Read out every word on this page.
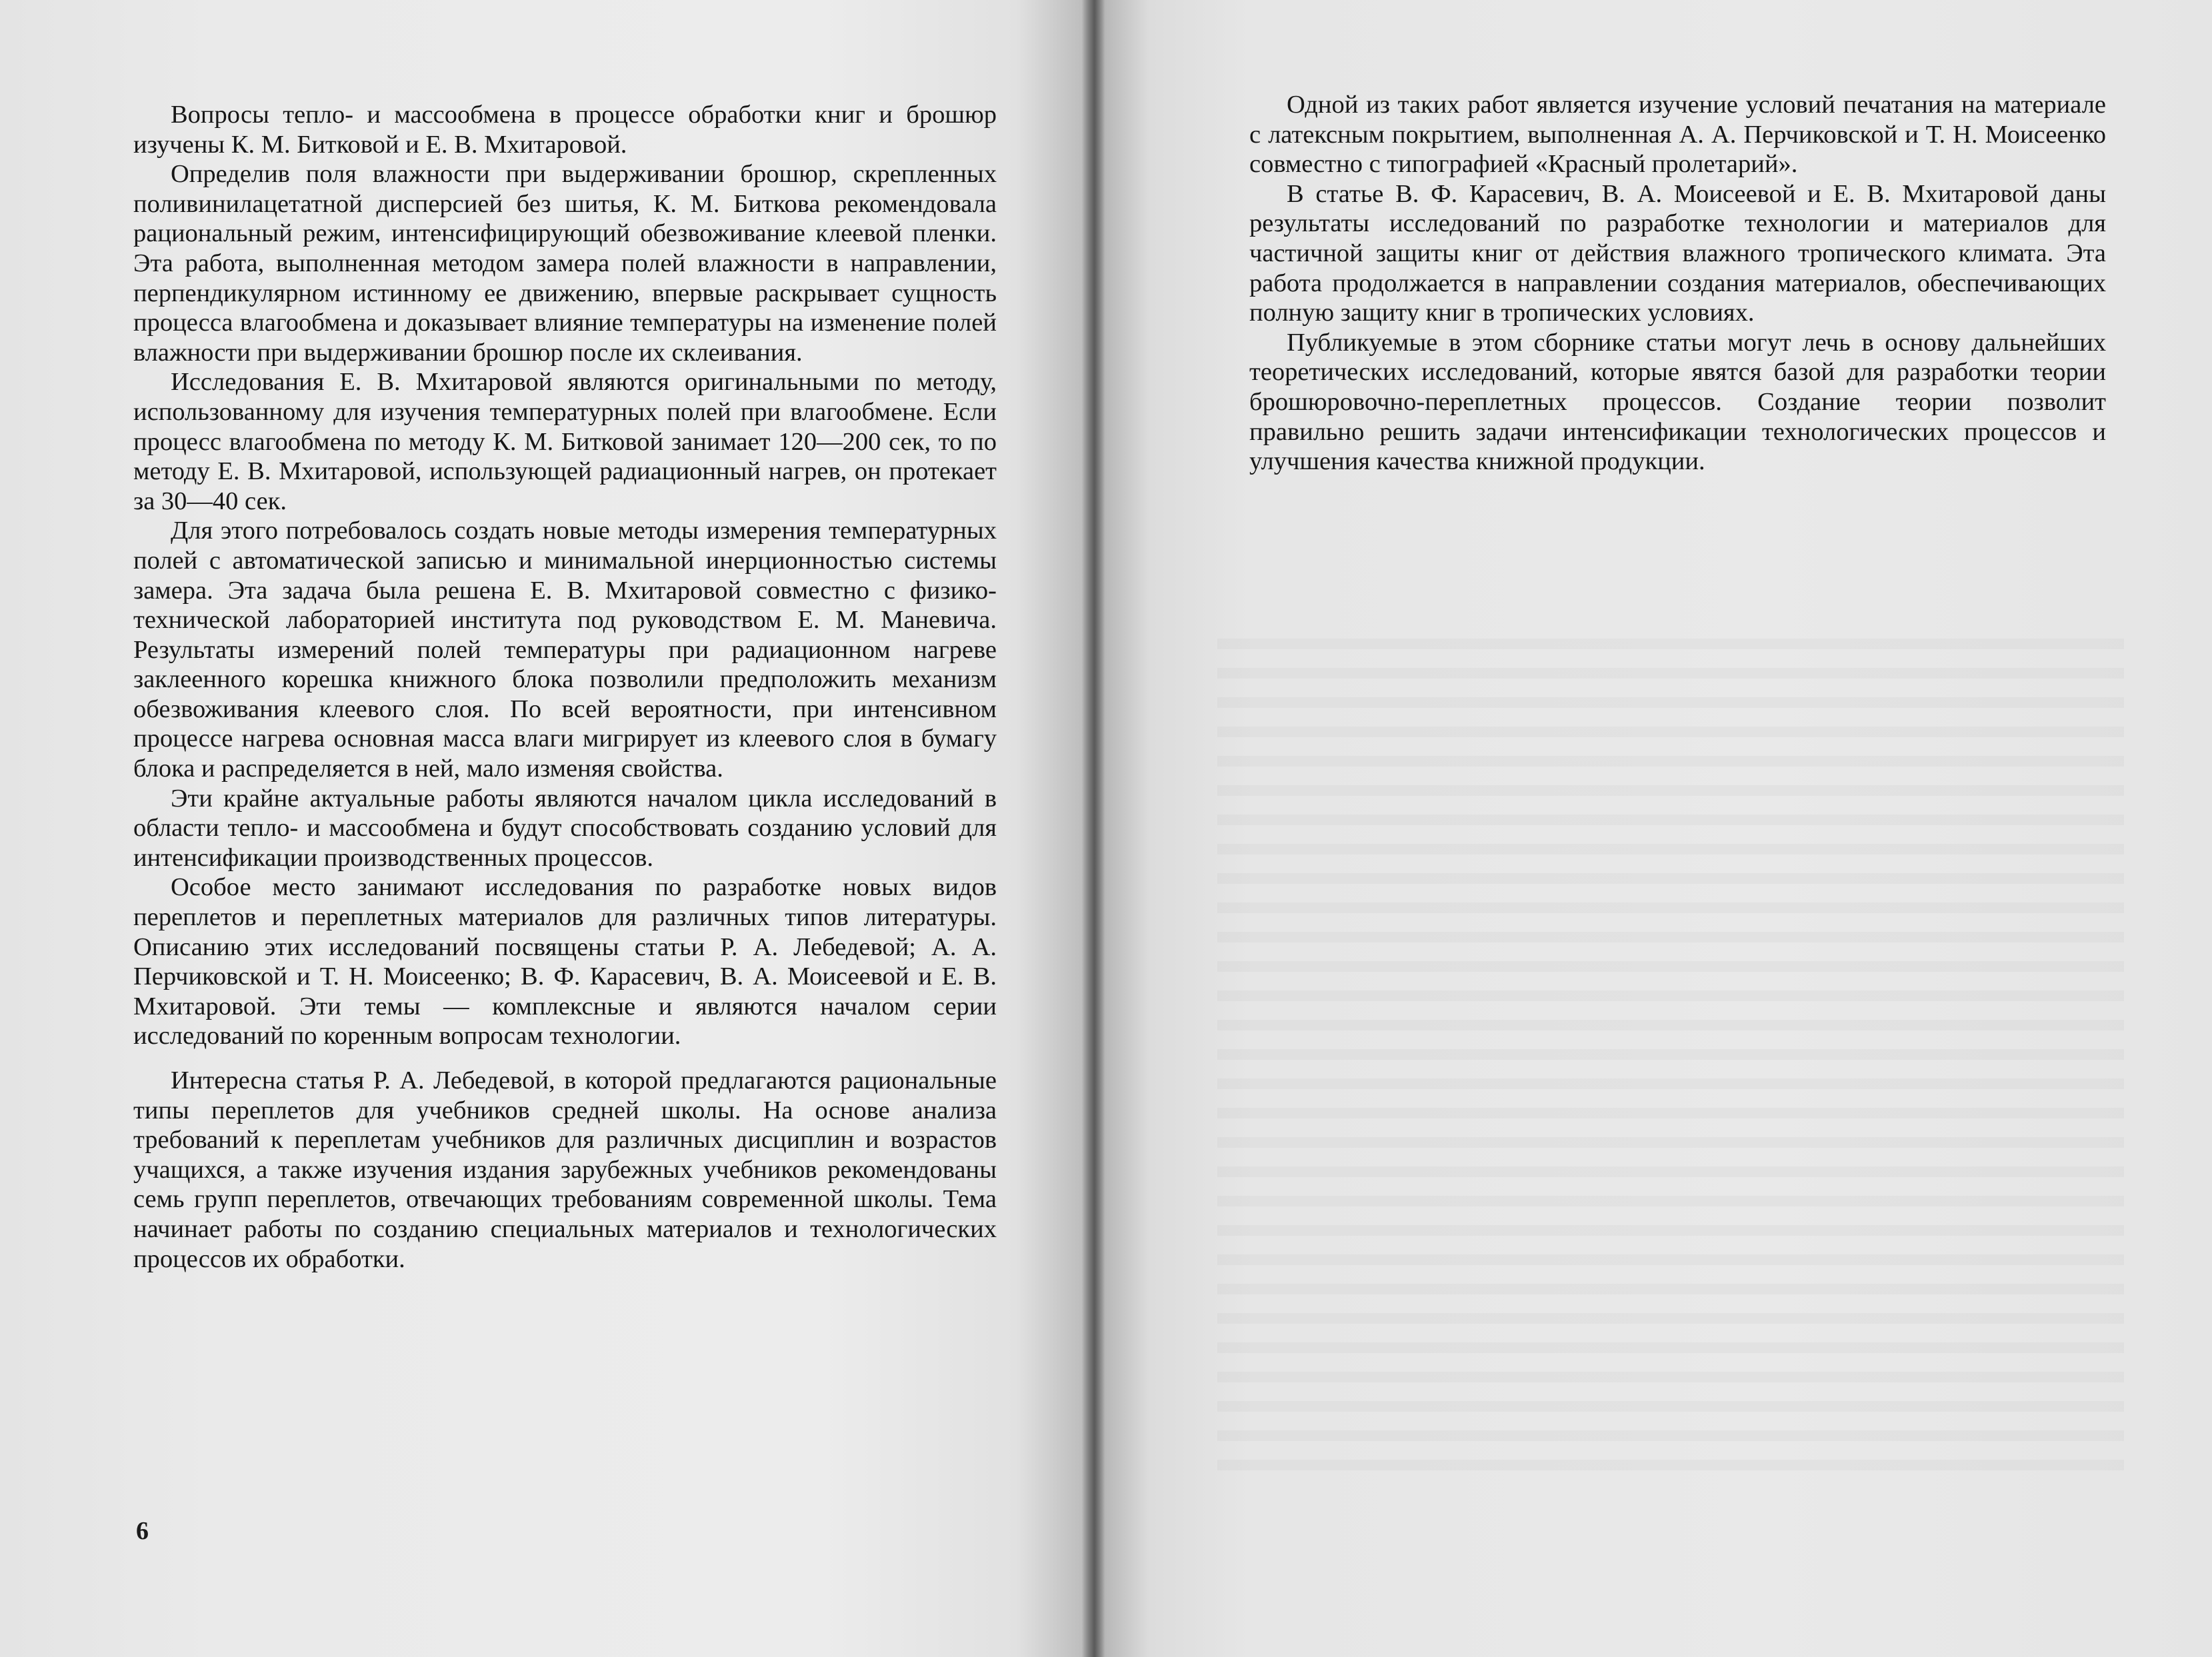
Вопросы тепло- и массообмена в процессе обработки книг и брошюр изучены К. М. Битковой и Е. В. Мхитаровой.

Определив поля влажности при выдерживании брошюр, скрепленных поливинилацетатной дисперсией без шитья, К. М. Биткова рекомендовала рациональный режим, интенсифицирующий обезвоживание клеевой пленки. Эта работа, выполненная методом замера полей влажности в направлении, перпендикулярном истинному ее движению, впервые раскрывает сущность процесса влагообмена и доказывает влияние температуры на изменение полей влажности при выдерживании брошюр после их склеивания.

Исследования Е. В. Мхитаровой являются оригинальными по методу, использованному для изучения температурных полей при влагообмене. Если процесс влагообмена по методу К. М. Битковой занимает 120—200 сек, то по методу Е. В. Мхитаровой, использующей радиационный нагрев, он протекает за 30—40 сек.

Для этого потребовалось создать новые методы измерения температурных полей с автоматической записью и минимальной инерционностью системы замера. Эта задача была решена Е. В. Мхитаровой совместно с физико-технической лабораторией института под руководством Е. М. Маневича. Результаты измерений полей температуры при радиационном нагреве заклеенного корешка книжного блока позволили предположить механизм обезвоживания клеевого слоя. По всей вероятности, при интенсивном процессе нагрева основная масса влаги мигрирует из клеевого слоя в бумагу блока и распределяется в ней, мало изменяя свойства.

Эти крайне актуальные работы являются началом цикла исследований в области тепло- и массообмена и будут способствовать созданию условий для интенсификации производственных процессов.

Особое место занимают исследования по разработке новых видов переплетов и переплетных материалов для различных типов литературы. Описанию этих исследований посвящены статьи Р. А. Лебедевой; А. А. Перчиковской и Т. Н. Моисеенко; В. Ф. Карасевич, В. А. Моисеевой и Е. В. Мхитаровой. Эти темы — комплексные и являются началом серии исследований по коренным вопросам технологии.

Интересна статья Р. А. Лебедевой, в которой предлагаются рациональные типы переплетов для учебников средней школы. На основе анализа требований к переплетам учебников для различных дисциплин и возрастов учащихся, а также изучения издания зарубежных учебников рекомендованы семь групп переплетов, отвечающих требованиям современной школы. Тема начинает работы по созданию специальных материалов и технологических процессов их обработки.

6

Одной из таких работ является изучение условий печатания на материале с латексным покрытием, выполненная А. А. Перчиковской и Т. Н. Моисеенко совместно с типографией «Красный пролетарий».

В статье В. Ф. Карасевич, В. А. Моисеевой и Е. В. Мхитаровой даны результаты исследований по разработке технологии и материалов для частичной защиты книг от действия влажного тропического климата. Эта работа продолжается в направлении создания материалов, обеспечивающих полную защиту книг в тропических условиях.

Публикуемые в этом сборнике статьи могут лечь в основу дальнейших теоретических исследований, которые явятся базой для разработки теории брошюровочно-переплетных процессов. Создание теории позволит правильно решить задачи интенсификации технологических процессов и улучшения качества книжной продукции.
